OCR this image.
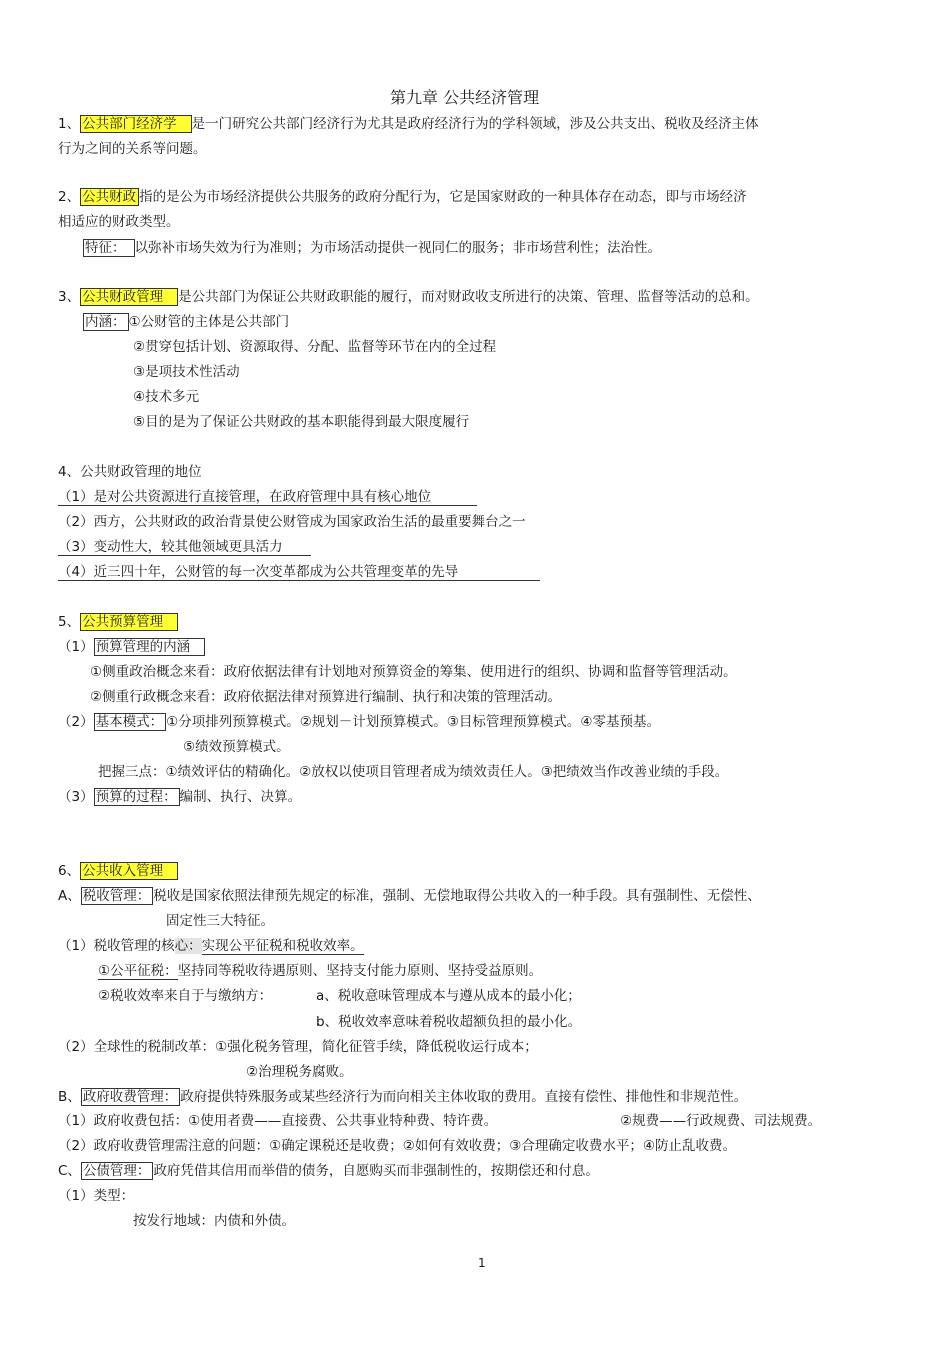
第九章 公共经济管理
1、 公共部门经济学 是一门研究公共部门经济行为尤其是政府经济行为的学科领域，涉及公共支出、税收及经济主体
行为之间的关系等问题。
2、 公共财政 指的是公为市场经济提供公共服务的政府分配行为，它是国家财政的一种具体存在动态，即与市场经济
相适应的财政类型。
特征： 以弥补市场失效为行为准则；为市场活动提供一视同仁的服务；非市场营利性；法治性。
3、 公共财政管理 是公共部门为保证公共财政职能的履行，而对财政收支所进行的决策、管理、监督等活动的总和。
内涵： ①公财管的主体是公共部门
②贯穿包括计划、资源取得、分配、监督等环节在内的全过程
③是项技术性活动
④技术多元
⑤目的是为了保证公共财政的基本职能得到最大限度履行
4、公共财政管理的地位
（1）是对公共资源进行直接管理，在政府管理中具有核心地位
（2）西方，公共财政的政治背景使公财管成为国家政治生活的最重要舞台之一
（3）变动性大，较其他领域更具活力
（4）近三四十年，公财管的每一次变革都成为公共管理变革的先导
5、 公共预算管理
（1） 预算管理的内涵
①侧重政治概念来看：政府依据法律有计划地对预算资金的筹集、使用进行的组织、协调和监督等管理活动。
②侧重行政概念来看：政府依据法律对预算进行编制、执行和决策的管理活动。
（2） 基本模式： ①分项排列预算模式。②规划－计划预算模式。③目标管理预算模式。④零基预基。
⑤绩效预算模式。
把握三点：①绩效评估的精确化。②放权以使项目管理者成为绩效责任人。③把绩效当作改善业绩的手段。
（3） 预算的过程： 编制、执行、决算。
6、 公共收入管理
A、 税收管理： 税收是国家依照法律预先规定的标准，强制、无偿地取得公共收入的一种手段。具有强制性、无偿性、
固定性三大特征。
（1）税收管理的核心：实现公平征税和税收效率。
①公平征税：坚持同等税收待遇原则、坚持支付能力原则、坚持受益原则。
②税收效率来自于与缴纳方：	a、税收意味管理成本与遵从成本的最小化；
b、税收效率意味着税收超额负担的最小化。
（2）全球性的税制改革：①强化税务管理，简化征管手续，降低税收运行成本；
②治理税务腐败。
B、 政府收费管理： 政府提供特殊服务或某些经济行为而向相关主体收取的费用。直接有偿性、排他性和非规范性。
（1）政府收费包括：①使用者费——直接费、公共事业特种费、特许费。	②规费——行政规费、司法规费。
（2）政府收费管理需注意的问题：①确定课税还是收费；②如何有效收费；③合理确定收费水平；④防止乱收费。
C、 公债管理： 政府凭借其信用而举借的债务，自愿购买而非强制性的，按期偿还和付息。
（1）类型：
按发行地域：内债和外债。
1
